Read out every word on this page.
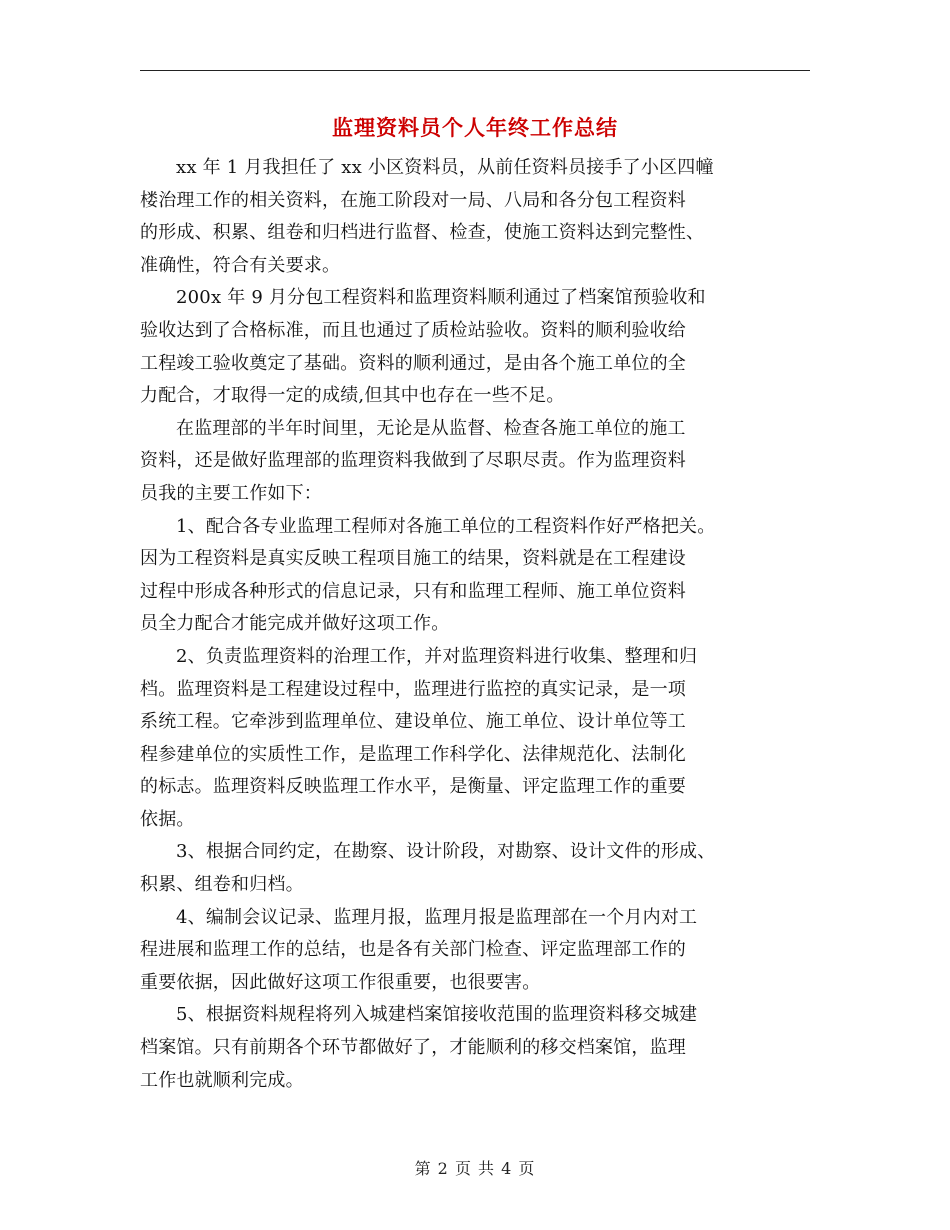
监理资料员个人年终工作总结

xx 年 1 月我担任了 xx 小区资料员，从前任资料员接手了小区四幢
楼治理工作的相关资料，在施工阶段对一局、八局和各分包工程资料
的形成、积累、组卷和归档进行监督、检查，使施工资料达到完整性、
准确性，符合有关要求。

200x 年 9 月分包工程资料和监理资料顺利通过了档案馆预验收和
验收达到了合格标准，而且也通过了质检站验收。资料的顺利验收给
工程竣工验收奠定了基础。资料的顺利通过，是由各个施工单位的全
力配合，才取得一定的成绩,但其中也存在一些不足。

在监理部的半年时间里，无论是从监督、检查各施工单位的施工
资料，还是做好监理部的监理资料我做到了尽职尽责。作为监理资料
员我的主要工作如下：

1、配合各专业监理工程师对各施工单位的工程资料作好严格把关。
因为工程资料是真实反映工程项目施工的结果，资料就是在工程建设
过程中形成各种形式的信息记录，只有和监理工程师、施工单位资料
员全力配合才能完成并做好这项工作。

2、负责监理资料的治理工作，并对监理资料进行收集、整理和归
档。监理资料是工程建设过程中，监理进行监控的真实记录，是一项
系统工程。它牵涉到监理单位、建设单位、施工单位、设计单位等工
程参建单位的实质性工作，是监理工作科学化、法律规范化、法制化
的标志。监理资料反映监理工作水平，是衡量、评定监理工作的重要
依据。

3、根据合同约定，在勘察、设计阶段，对勘察、设计文件的形成、
积累、组卷和归档。

4、编制会议记录、监理月报，监理月报是监理部在一个月内对工
程进展和监理工作的总结，也是各有关部门检查、评定监理部工作的
重要依据，因此做好这项工作很重要，也很要害。

5、根据资料规程将列入城建档案馆接收范围的监理资料移交城建
档案馆。只有前期各个环节都做好了，才能顺利的移交档案馆，监理
工作也就顺利完成。

第 2 页 共 4 页
